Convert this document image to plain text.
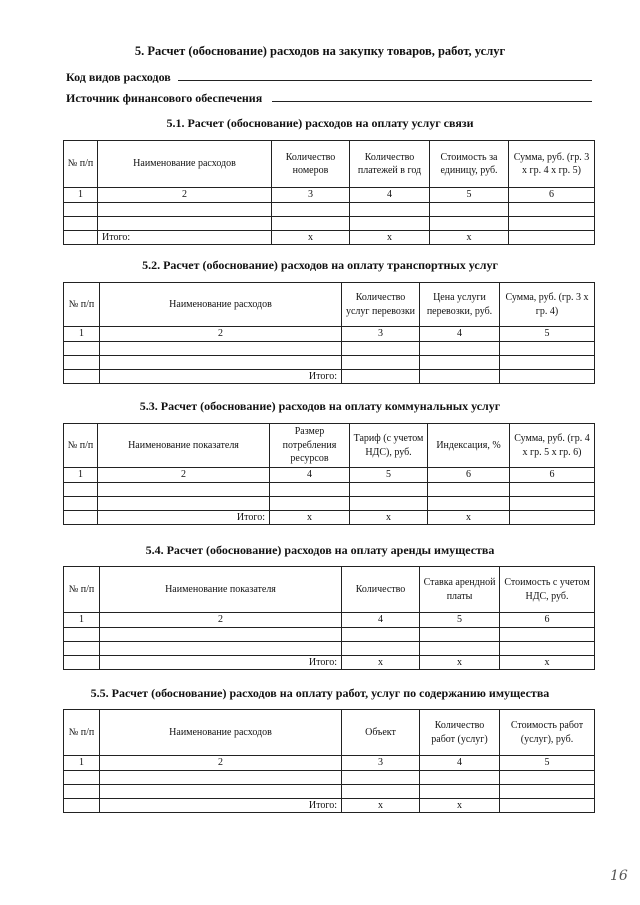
5. Расчет (обоснование) расходов на закупку товаров, работ, услуг
Код видов расходов
Источник финансового обеспечения
5.1. Расчет (обоснование) расходов на оплату услуг связи
№ п/п	Наименование расходов	Количество номеров	Количество платежей в год	Стоимость за единицу, руб.	Сумма, руб. (гр. 3 х гр. 4 х гр. 5)
1	2	3	4	5	6

	Итого:	x	x	x	
5.2. Расчет (обоснование) расходов на оплату транспортных услуг
№ п/п	Наименование расходов	Количество услуг перевозки	Цена услуги перевозки, руб.	Сумма, руб. (гр. 3 х гр. 4)
1	2	3	4	5

	Итого:			
5.3. Расчет (обоснование) расходов на оплату коммунальных услуг
№ п/п	Наименование показателя	Размер потребления ресурсов	Тариф (с учетом НДС), руб.	Индексация, %	Сумма, руб. (гр. 4 х гр. 5 х гр. 6)
1	2	4	5	6	6

	Итого:	x	x	x	
5.4. Расчет (обоснование) расходов на оплату аренды имущества
№ п/п	Наименование показателя	Количество	Ставка арендной платы	Стоимость с учетом НДС, руб.
1	2	4	5	6

	Итого:	x	x	x
5.5. Расчет (обоснование) расходов на оплату работ, услуг по содержанию имущества
№ п/п	Наименование расходов	Объект	Количество работ (услуг)	Стоимость работ (услуг), руб.
1	2	3	4	5

	Итого:	x	x	
16
